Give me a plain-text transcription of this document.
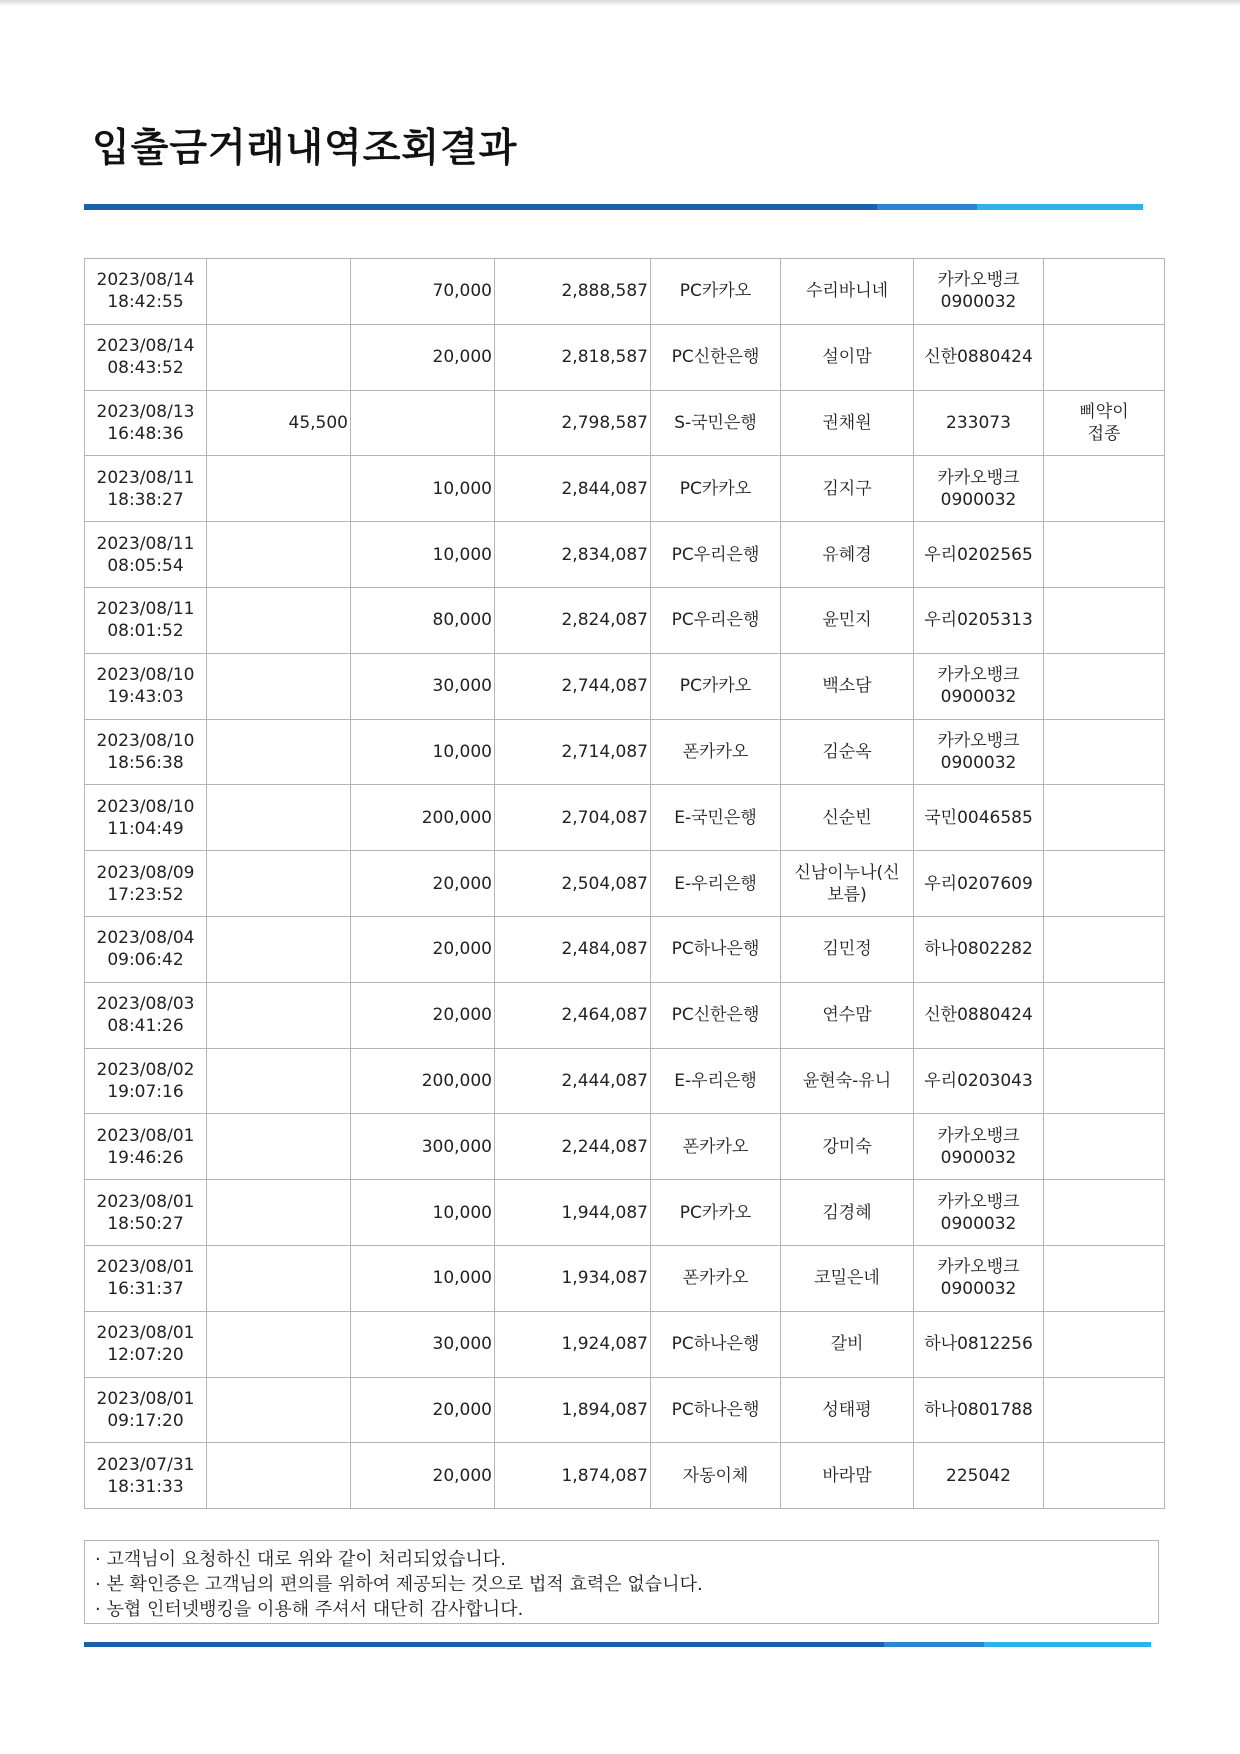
입출금거래내역조회결과
2023/08/14
18:42:55		70,000	2,888,587	PC카카오	수리바니네	카카오뱅크
0900032	

2023/08/14
08:43:52		20,000	2,818,587	PC신한은행	설이맘	신한0880424	

2023/08/13
16:48:36	45,500		2,798,587	S-국민은행	권채원	233073	삐약이
접종

2023/08/11
18:38:27		10,000	2,844,087	PC카카오	김지구	카카오뱅크
0900032	

2023/08/11
08:05:54		10,000	2,834,087	PC우리은행	유혜경	우리0202565	

2023/08/11
08:01:52		80,000	2,824,087	PC우리은행	윤민지	우리0205313	

2023/08/10
19:43:03		30,000	2,744,087	PC카카오	백소담	카카오뱅크
0900032	

2023/08/10
18:56:38		10,000	2,714,087	폰카카오	김순옥	카카오뱅크
0900032	

2023/08/10
11:04:49		200,000	2,704,087	E-국민은행	신순빈	국민0046585	

2023/08/09
17:23:52		20,000	2,504,087	E-우리은행	신남이누나(신
보름)	우리0207609	

2023/08/04
09:06:42		20,000	2,484,087	PC하나은행	김민정	하나0802282	

2023/08/03
08:41:26		20,000	2,464,087	PC신한은행	연수맘	신한0880424	

2023/08/02
19:07:16		200,000	2,444,087	E-우리은행	윤현숙-유니	우리0203043	

2023/08/01
19:46:26		300,000	2,244,087	폰카카오	강미숙	카카오뱅크
0900032	

2023/08/01
18:50:27		10,000	1,944,087	PC카카오	김경혜	카카오뱅크
0900032	

2023/08/01
16:31:37		10,000	1,934,087	폰카카오	코밀은네	카카오뱅크
0900032	

2023/08/01
12:07:20		30,000	1,924,087	PC하나은행	갈비	하나0812256	

2023/08/01
09:17:20		20,000	1,894,087	PC하나은행	성태평	하나0801788	

2023/07/31
18:31:33		20,000	1,874,087	자동이체	바라맘	225042	

· 고객님이 요청하신 대로 위와 같이 처리되었습니다.

· 본 확인증은 고객님의 편의를 위하여 제공되는 것으로 법적 효력은 없습니다.

· 농협 인터넷뱅킹을 이용해 주셔서 대단히 감사합니다.
